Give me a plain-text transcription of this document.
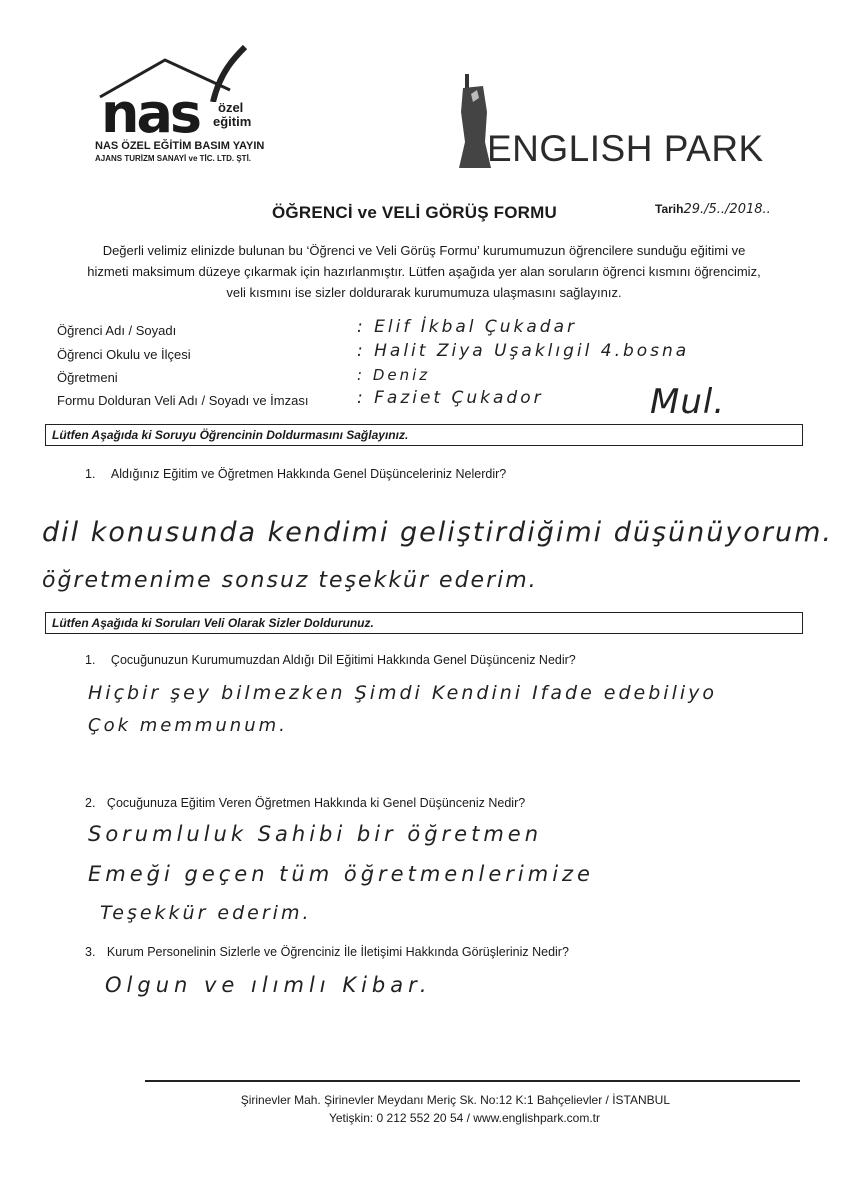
nas özel
eğitim
NAS ÖZEL EĞİTİM BASIM YAYIN
AJANS TURİZM SANAYİ ve TİC. LTD. ŞTİ.	ENGLISH PARK
ÖĞRENCİ ve VELİ GÖRÜŞ FORMU	Tarih29./5../2018..
Değerli velimiz elinizde bulunan bu ‘Öğrenci ve Veli Görüş Formu’ kurumumuzun öğrencilere sunduğu eğitimi ve
hizmeti maksimum düzeye çıkarmak için hazırlanmıştır. Lütfen aşağıda yer alan soruların öğrenci kısmını öğrencimiz,
veli kısmını ise sizler doldurarak kurumumuza ulaşmasını sağlayınız.
Öğrenci Adı / Soyadı	: Elif İkbal Çukadar
Öğrenci Okulu ve İlçesi	: Halit Ziya Uşaklıgil 4.bosna
Öğretmeni	: Deniz
Formu Dolduran Veli Adı / Soyadı ve İmzası	: Faziet Çukador	Mul.
Lütfen Aşağıda ki Soruyu Öğrencinin Doldurmasını Sağlayınız.
1. Aldığınız Eğitim ve Öğretmen Hakkında Genel Düşünceleriniz Nelerdir?
dil konusunda kendimi geliştirdiğimi düşünüyorum.
öğretmenime sonsuz teşekkür ederim.
Lütfen Aşağıda ki Soruları Veli Olarak Sizler Doldurunuz.
1. Çocuğunuzun Kurumumuzdan Aldığı Dil Eğitimi Hakkında Genel Düşünceniz Nedir?
Hiçbir şey bilmezken Şimdi Kendini Ifade edebiliyo
Çok memmunum.
2. Çocuğunuza Eğitim Veren Öğretmen Hakkında ki Genel Düşünceniz Nedir?
Sorumluluk Sahibi bir öğretmen
Emeği geçen tüm öğretmenlerimize
Teşekkür ederim.
3. Kurum Personelinin Sizlerle ve Öğrenciniz İle İletişimi Hakkında Görüşleriniz Nedir?
Olgun ve ılımlı Kibar.
Şirinevler Mah. Şirinevler Meydanı Meriç Sk. No:12 K:1 Bahçelievler / İSTANBUL
Yetişkin: 0 212 552 20 54 / www.englishpark.com.tr
